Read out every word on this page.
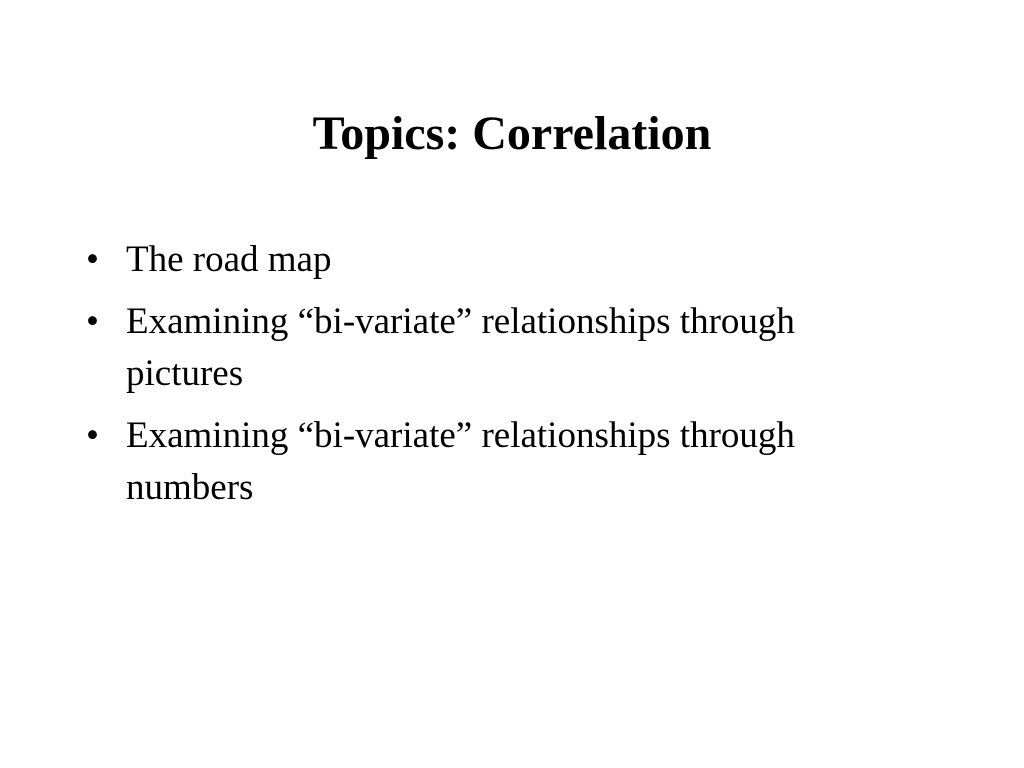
Topics: Correlation
• The road map
• Examining “bi-variate” relationships through pictures
• Examining “bi-variate” relationships through numbers
